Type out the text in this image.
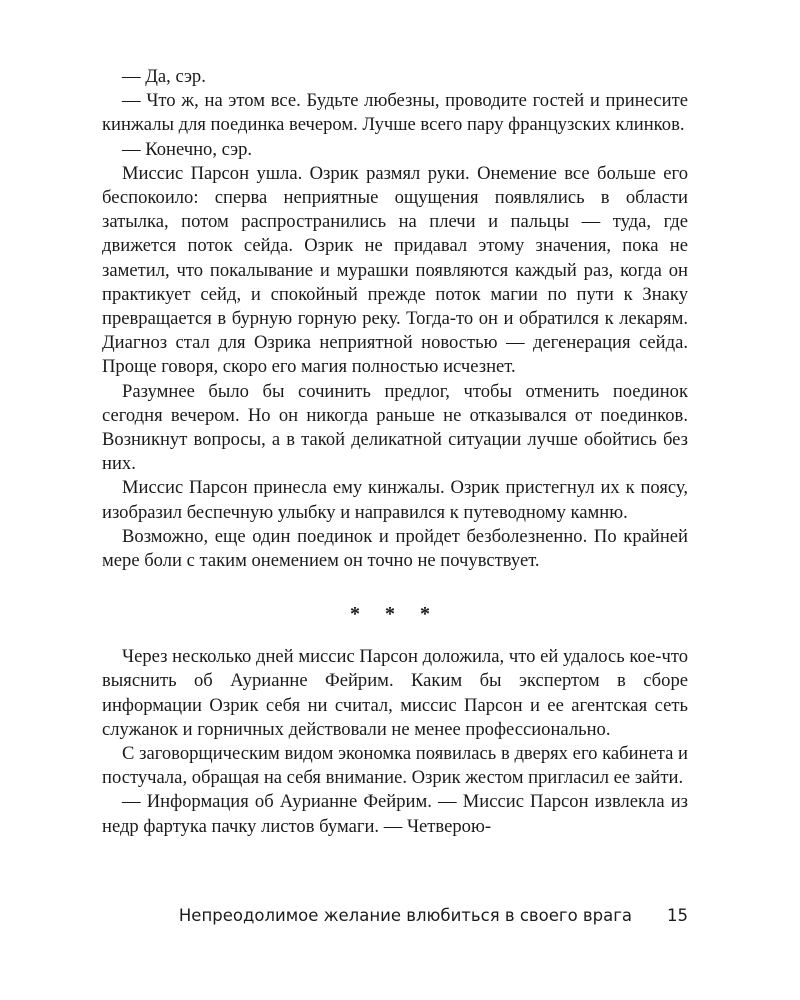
— Да, сэр.

— Что ж, на этом все. Будьте любезны, проводите гостей и принесите кинжалы для поединка вечером. Лучше всего пару французских клинков.

— Конечно, сэр.

Миссис Парсон ушла. Озрик размял руки. Онемение все больше его беспокоило: сперва неприятные ощущения появлялись в области затылка, потом распространились на плечи и пальцы — туда, где движется поток сейда. Озрик не придавал этому значения, пока не заметил, что покалывание и мурашки появляются каждый раз, когда он практикует сейд, и спокойный прежде поток магии по пути к Знаку превращается в бурную горную реку. Тогда-то он и обратился к лекарям. Диагноз стал для Озрика неприятной новостью — дегенерация сейда. Проще говоря, скоро его магия полностью исчезнет.

Разумнее было бы сочинить предлог, чтобы отменить поединок сегодня вечером. Но он никогда раньше не отказывался от поединков. Возникнут вопросы, а в такой деликатной ситуации лучше обойтись без них.

Миссис Парсон принесла ему кинжалы. Озрик пристегнул их к поясу, изобразил беспечную улыбку и направился к путеводному камню.

Возможно, еще один поединок и пройдет безболезненно. По крайней мере боли с таким онемением он точно не почувствует.

* * *

Через несколько дней миссис Парсон доложила, что ей удалось кое-что выяснить об Аурианне Фейрим. Каким бы экспертом в сборе информации Озрик себя ни считал, миссис Парсон и ее агентская сеть служанок и горничных действовали не менее профессионально.

С заговорщическим видом экономка появилась в дверях его кабинета и постучала, обращая на себя внимание. Озрик жестом пригласил ее зайти.

— Информация об Аурианне Фейрим. — Миссис Парсон извлекла из недр фартука пачку листов бумаги. — Четверою-

Непреодолимое желание влюбиться в своего врага 15
